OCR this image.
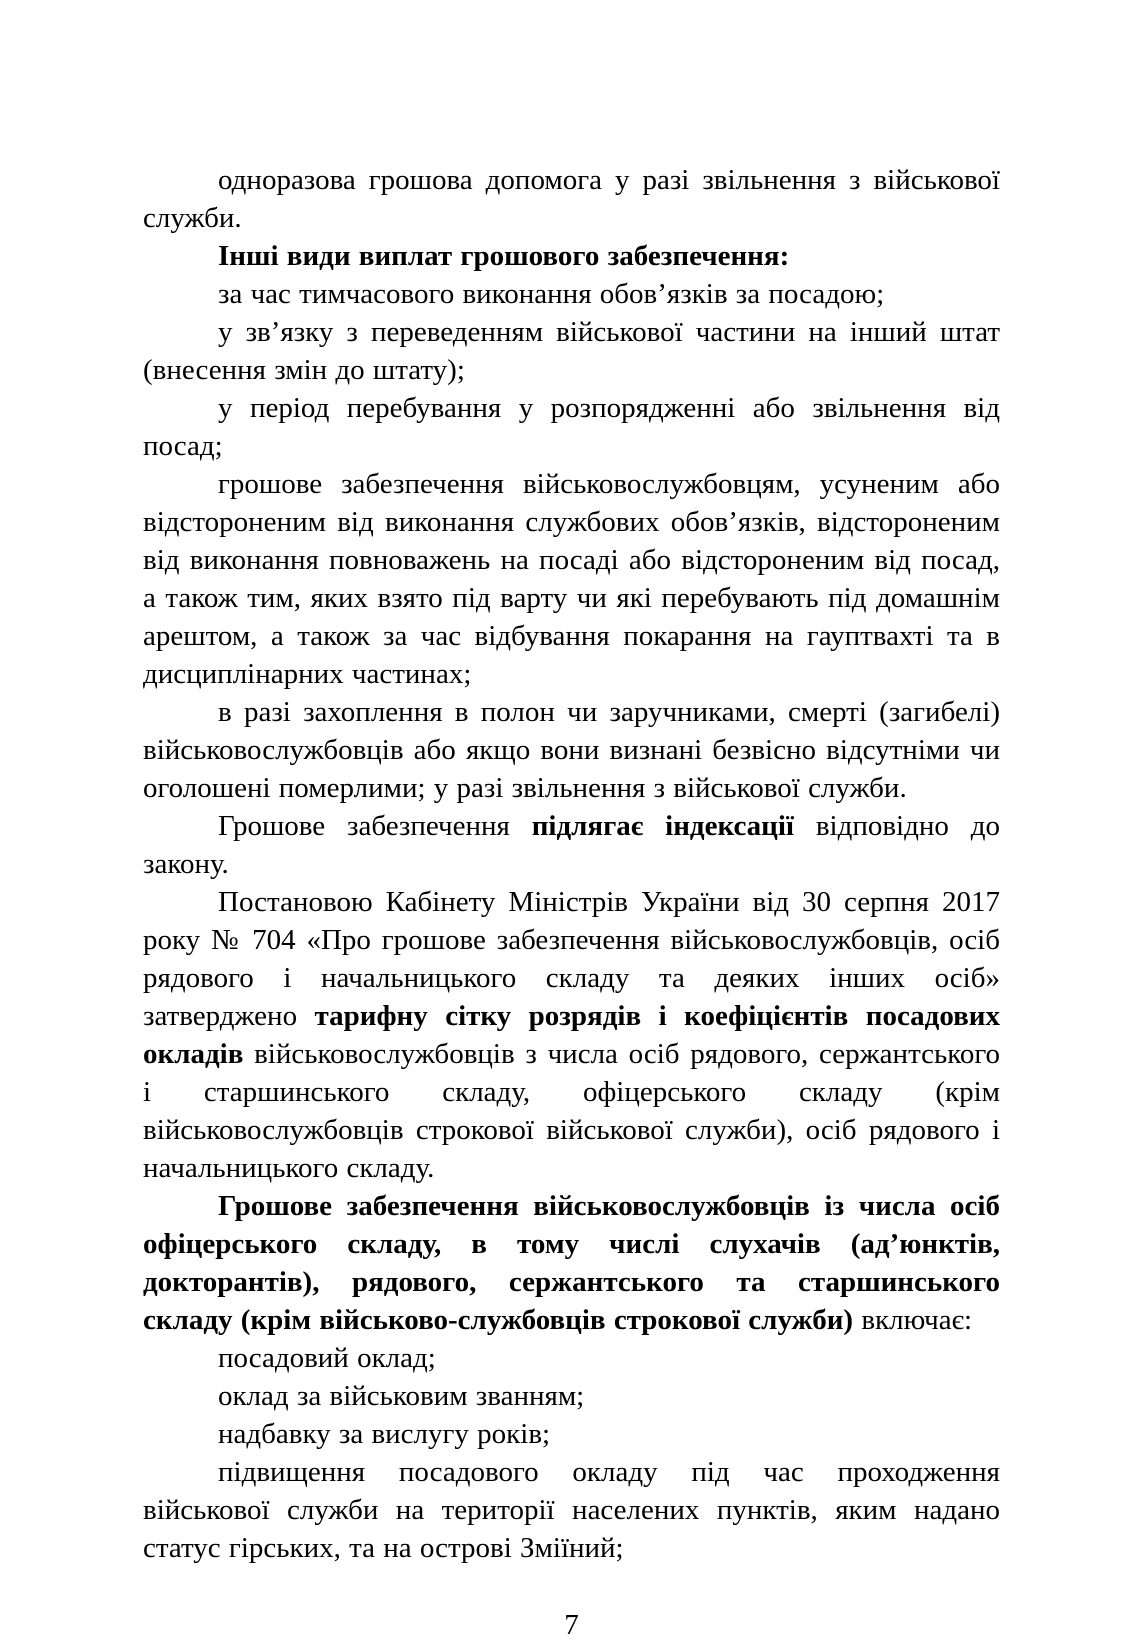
одноразова грошова допомога у разі звільнення з військової служби.

Інші види виплат грошового забезпечення:

за час тимчасового виконання обов’язків за посадою;

у зв’язку з переведенням військової частини на інший штат (внесення змін до штату);

у період перебування у розпорядженні або звільнення від посад;

грошове забезпечення військовослужбовцям, усуненим або відстороненим від виконання службових обов’язків, відстороненим від виконання повноважень на посаді або відстороненим від посад, а також тим, яких взято під варту чи які перебувають під домашнім арештом, а також за час відбування покарання на гауптвахті та в дисциплінарних частинах;

в разі захоплення в полон чи заручниками, смерті (загибелі) військовослужбовців або якщо вони визнані безвісно відсутніми чи оголошені померлими; у разі звільнення з військової служби.

Грошове забезпечення підлягає індексації відповідно до закону.

Постановою Кабінету Міністрів України від 30 серпня 2017 року № 704 «Про грошове забезпечення військовослужбовців, осіб рядового і начальницького складу та деяких інших осіб» затверджено тарифну сітку розрядів і коефіцієнтів посадових окладів військовослужбовців з числа осіб рядового, сержантського і старшинського складу, офіцерського складу (крім військовослужбовців строкової військової служби), осіб рядового і начальницького складу.

Грошове забезпечення військовослужбовців із числа осіб офіцерського складу, в тому числі слухачів (ад’юнктів, докторантів), рядового, сержантського та старшинського складу (крім військово-службовців строкової служби) включає:

посадовий оклад;

оклад за військовим званням;

надбавку за вислугу років;

підвищення посадового окладу під час проходження військової служби на території населених пунктів, яким надано статус гірських, та на острові Зміїний;

7
